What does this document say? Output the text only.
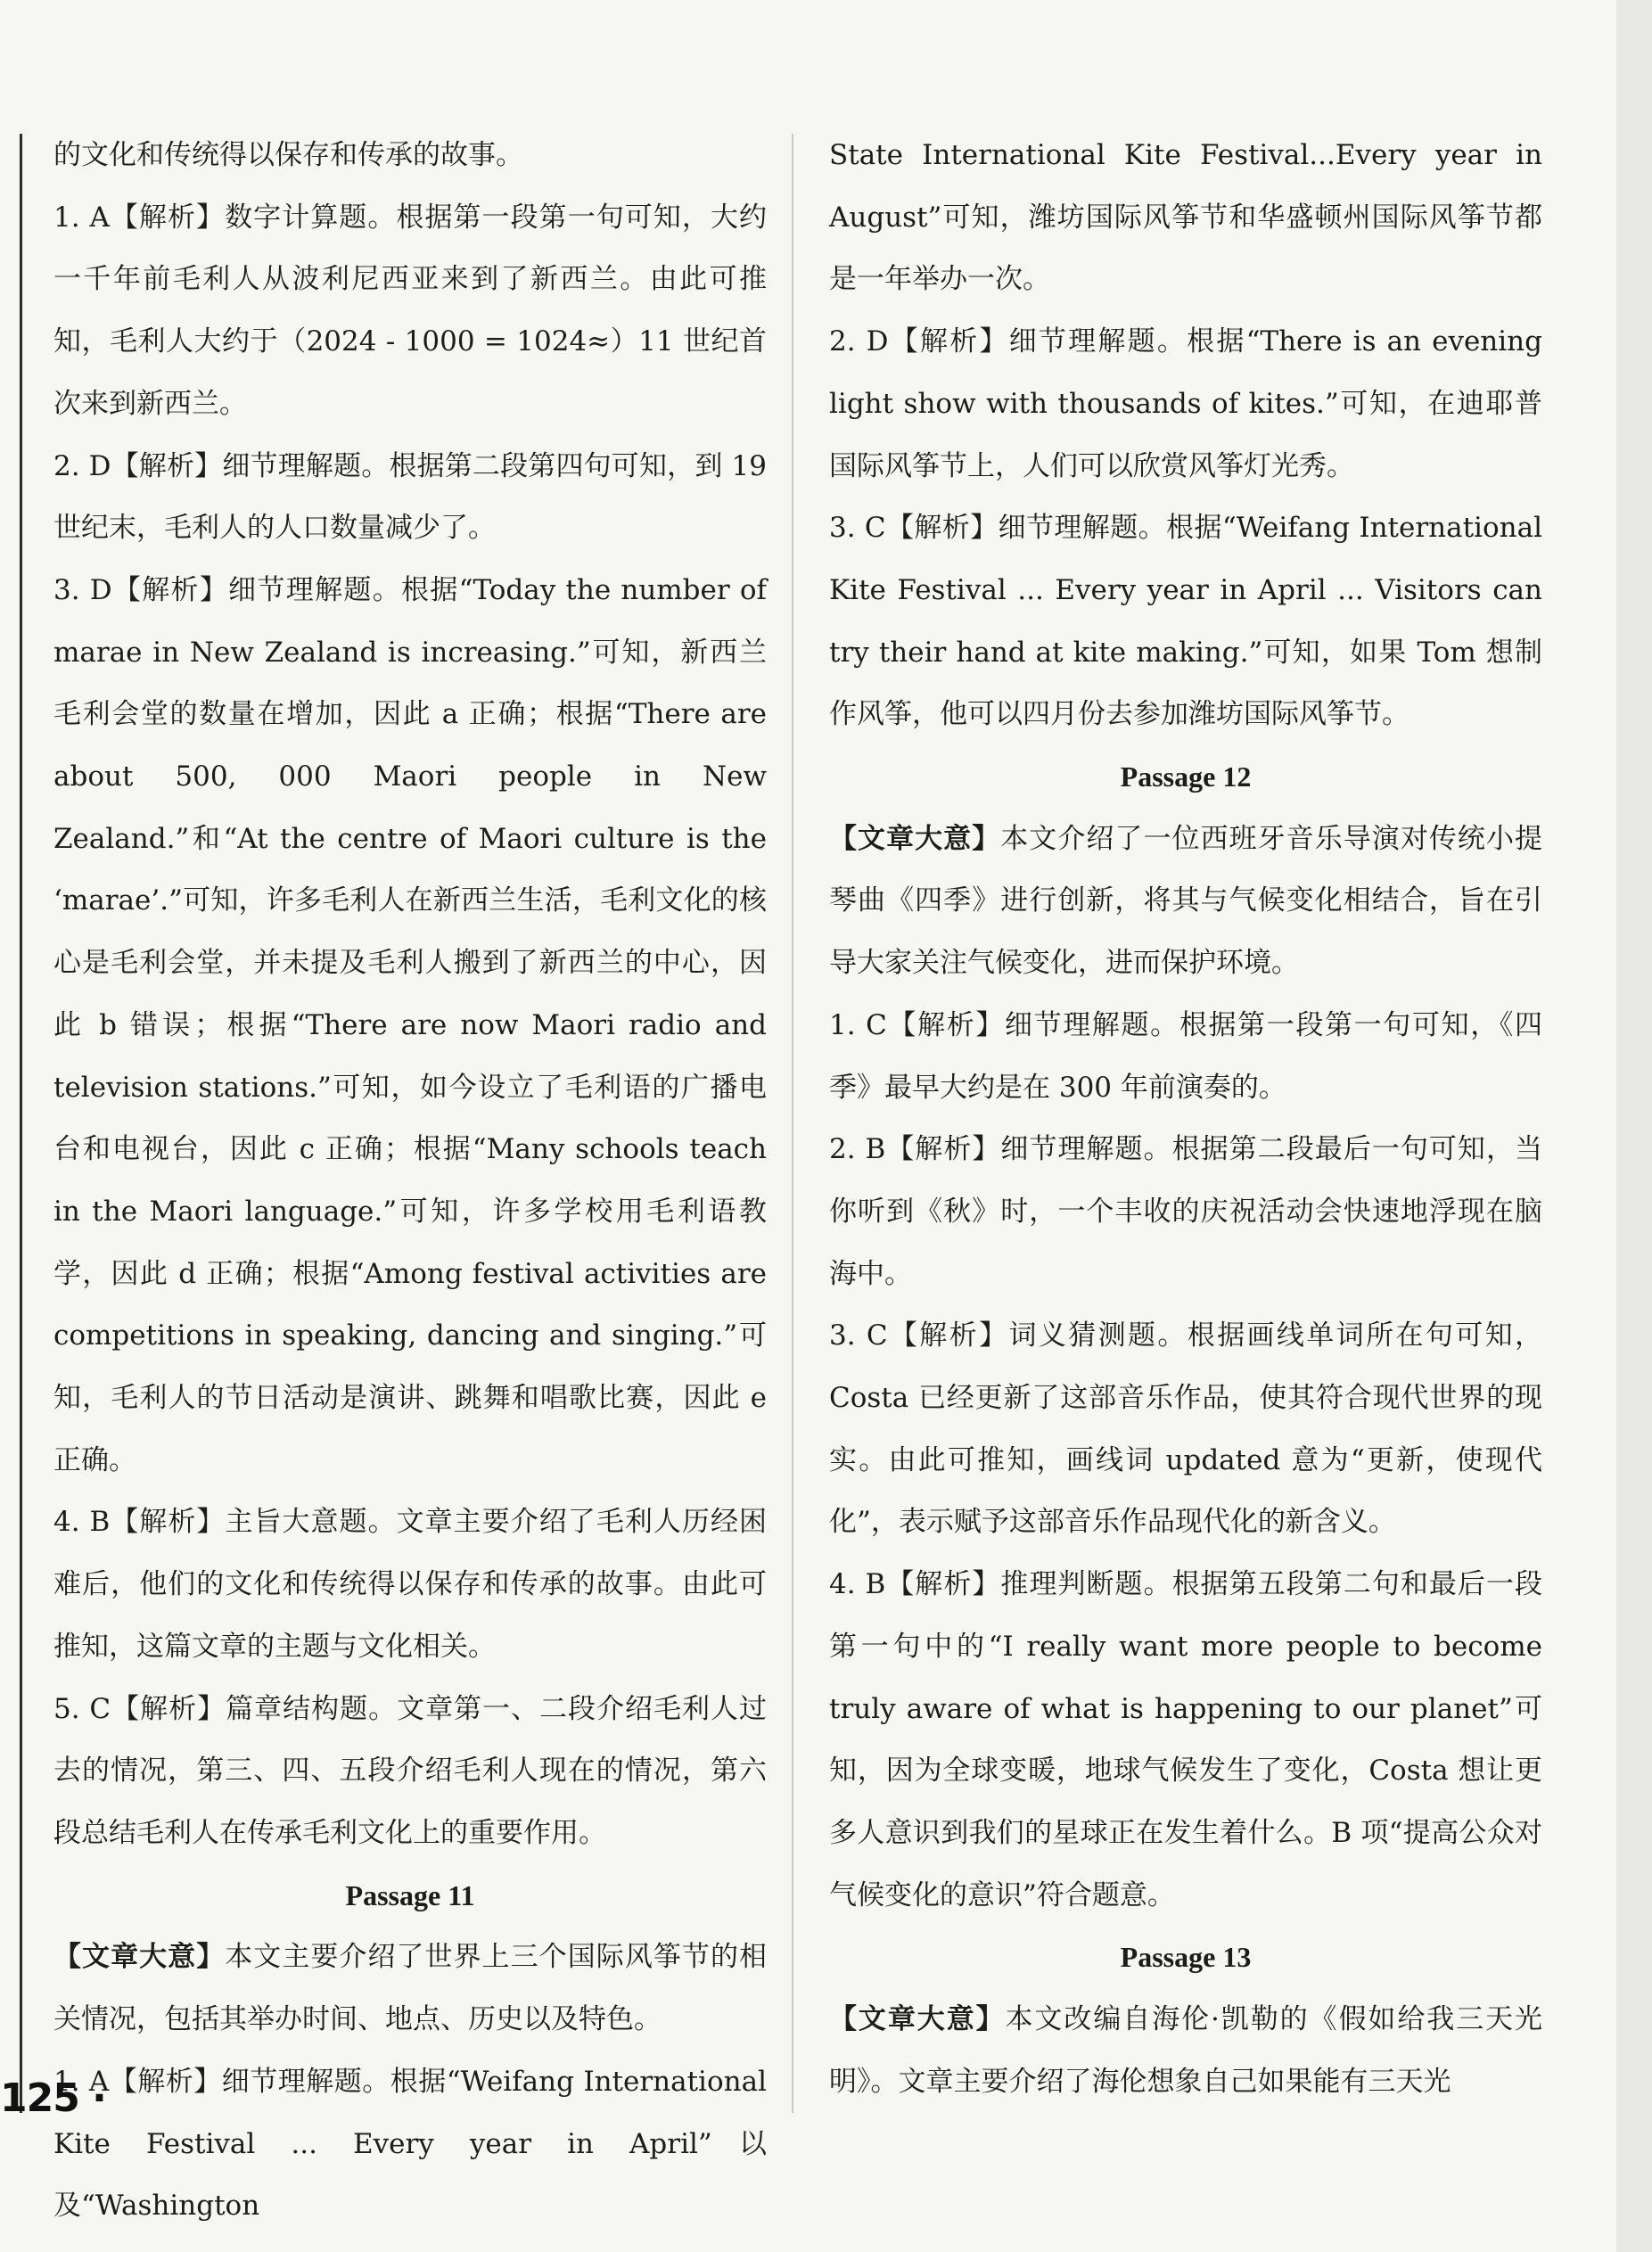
的文化和传统得以保存和传承的故事。

1. A【解析】数字计算题。根据第一段第一句可知，大约一千年前毛利人从波利尼西亚来到了新西兰。由此可推知，毛利人大约于（2024 - 1000 = 1024≈）11 世纪首次来到新西兰。

2. D【解析】细节理解题。根据第二段第四句可知，到 19 世纪末，毛利人的人口数量减少了。

3. D【解析】细节理解题。根据“Today the number of marae in New Zealand is increasing.”可知，新西兰毛利会堂的数量在增加，因此 a 正确；根据“There are about 500, 000 Maori people in New Zealand.”和“At the centre of Maori culture is the ‘marae’.”可知，许多毛利人在新西兰生活，毛利文化的核心是毛利会堂，并未提及毛利人搬到了新西兰的中心，因此 b 错误；根据“There are now Maori radio and television stations.”可知，如今设立了毛利语的广播电台和电视台，因此 c 正确；根据“Many schools teach in the Maori language.”可知，许多学校用毛利语教学，因此 d 正确；根据“Among festival activities are competitions in speaking, dancing and singing.”可知，毛利人的节日活动是演讲、跳舞和唱歌比赛，因此 e 正确。

4. B【解析】主旨大意题。文章主要介绍了毛利人历经困难后，他们的文化和传统得以保存和传承的故事。由此可推知，这篇文章的主题与文化相关。

5. C【解析】篇章结构题。文章第一、二段介绍毛利人过去的情况，第三、四、五段介绍毛利人现在的情况，第六段总结毛利人在传承毛利文化上的重要作用。

Passage 11

【文章大意】本文主要介绍了世界上三个国际风筝节的相关情况，包括其举办时间、地点、历史以及特色。

1. A【解析】细节理解题。根据“Weifang International Kite Festival ... Every year in April”以及“Washington

State International Kite Festival...Every year in August”可知，潍坊国际风筝节和华盛顿州国际风筝节都是一年举办一次。

2. D【解析】细节理解题。根据“There is an evening light show with thousands of kites.”可知，在迪耶普国际风筝节上，人们可以欣赏风筝灯光秀。

3. C【解析】细节理解题。根据“Weifang International Kite Festival ... Every year in April ... Visitors can try their hand at kite making.”可知，如果 Tom 想制作风筝，他可以四月份去参加潍坊国际风筝节。

Passage 12

【文章大意】本文介绍了一位西班牙音乐导演对传统小提琴曲《四季》进行创新，将其与气候变化相结合，旨在引导大家关注气候变化，进而保护环境。

1. C【解析】细节理解题。根据第一段第一句可知，《四季》最早大约是在 300 年前演奏的。

2. B【解析】细节理解题。根据第二段最后一句可知，当你听到《秋》时，一个丰收的庆祝活动会快速地浮现在脑海中。

3. C【解析】词义猜测题。根据画线单词所在句可知，Costa 已经更新了这部音乐作品，使其符合现代世界的现实。由此可推知，画线词 updated 意为“更新，使现代化”，表示赋予这部音乐作品现代化的新含义。

4. B【解析】推理判断题。根据第五段第二句和最后一段第一句中的“I really want more people to become truly aware of what is happening to our planet”可知，因为全球变暖，地球气候发生了变化，Costa 想让更多人意识到我们的星球正在发生着什么。B 项“提高公众对气候变化的意识”符合题意。

Passage 13

【文章大意】本文改编自海伦·凯勒的《假如给我三天光明》。文章主要介绍了海伦想象自己如果能有三天光

125 ·
